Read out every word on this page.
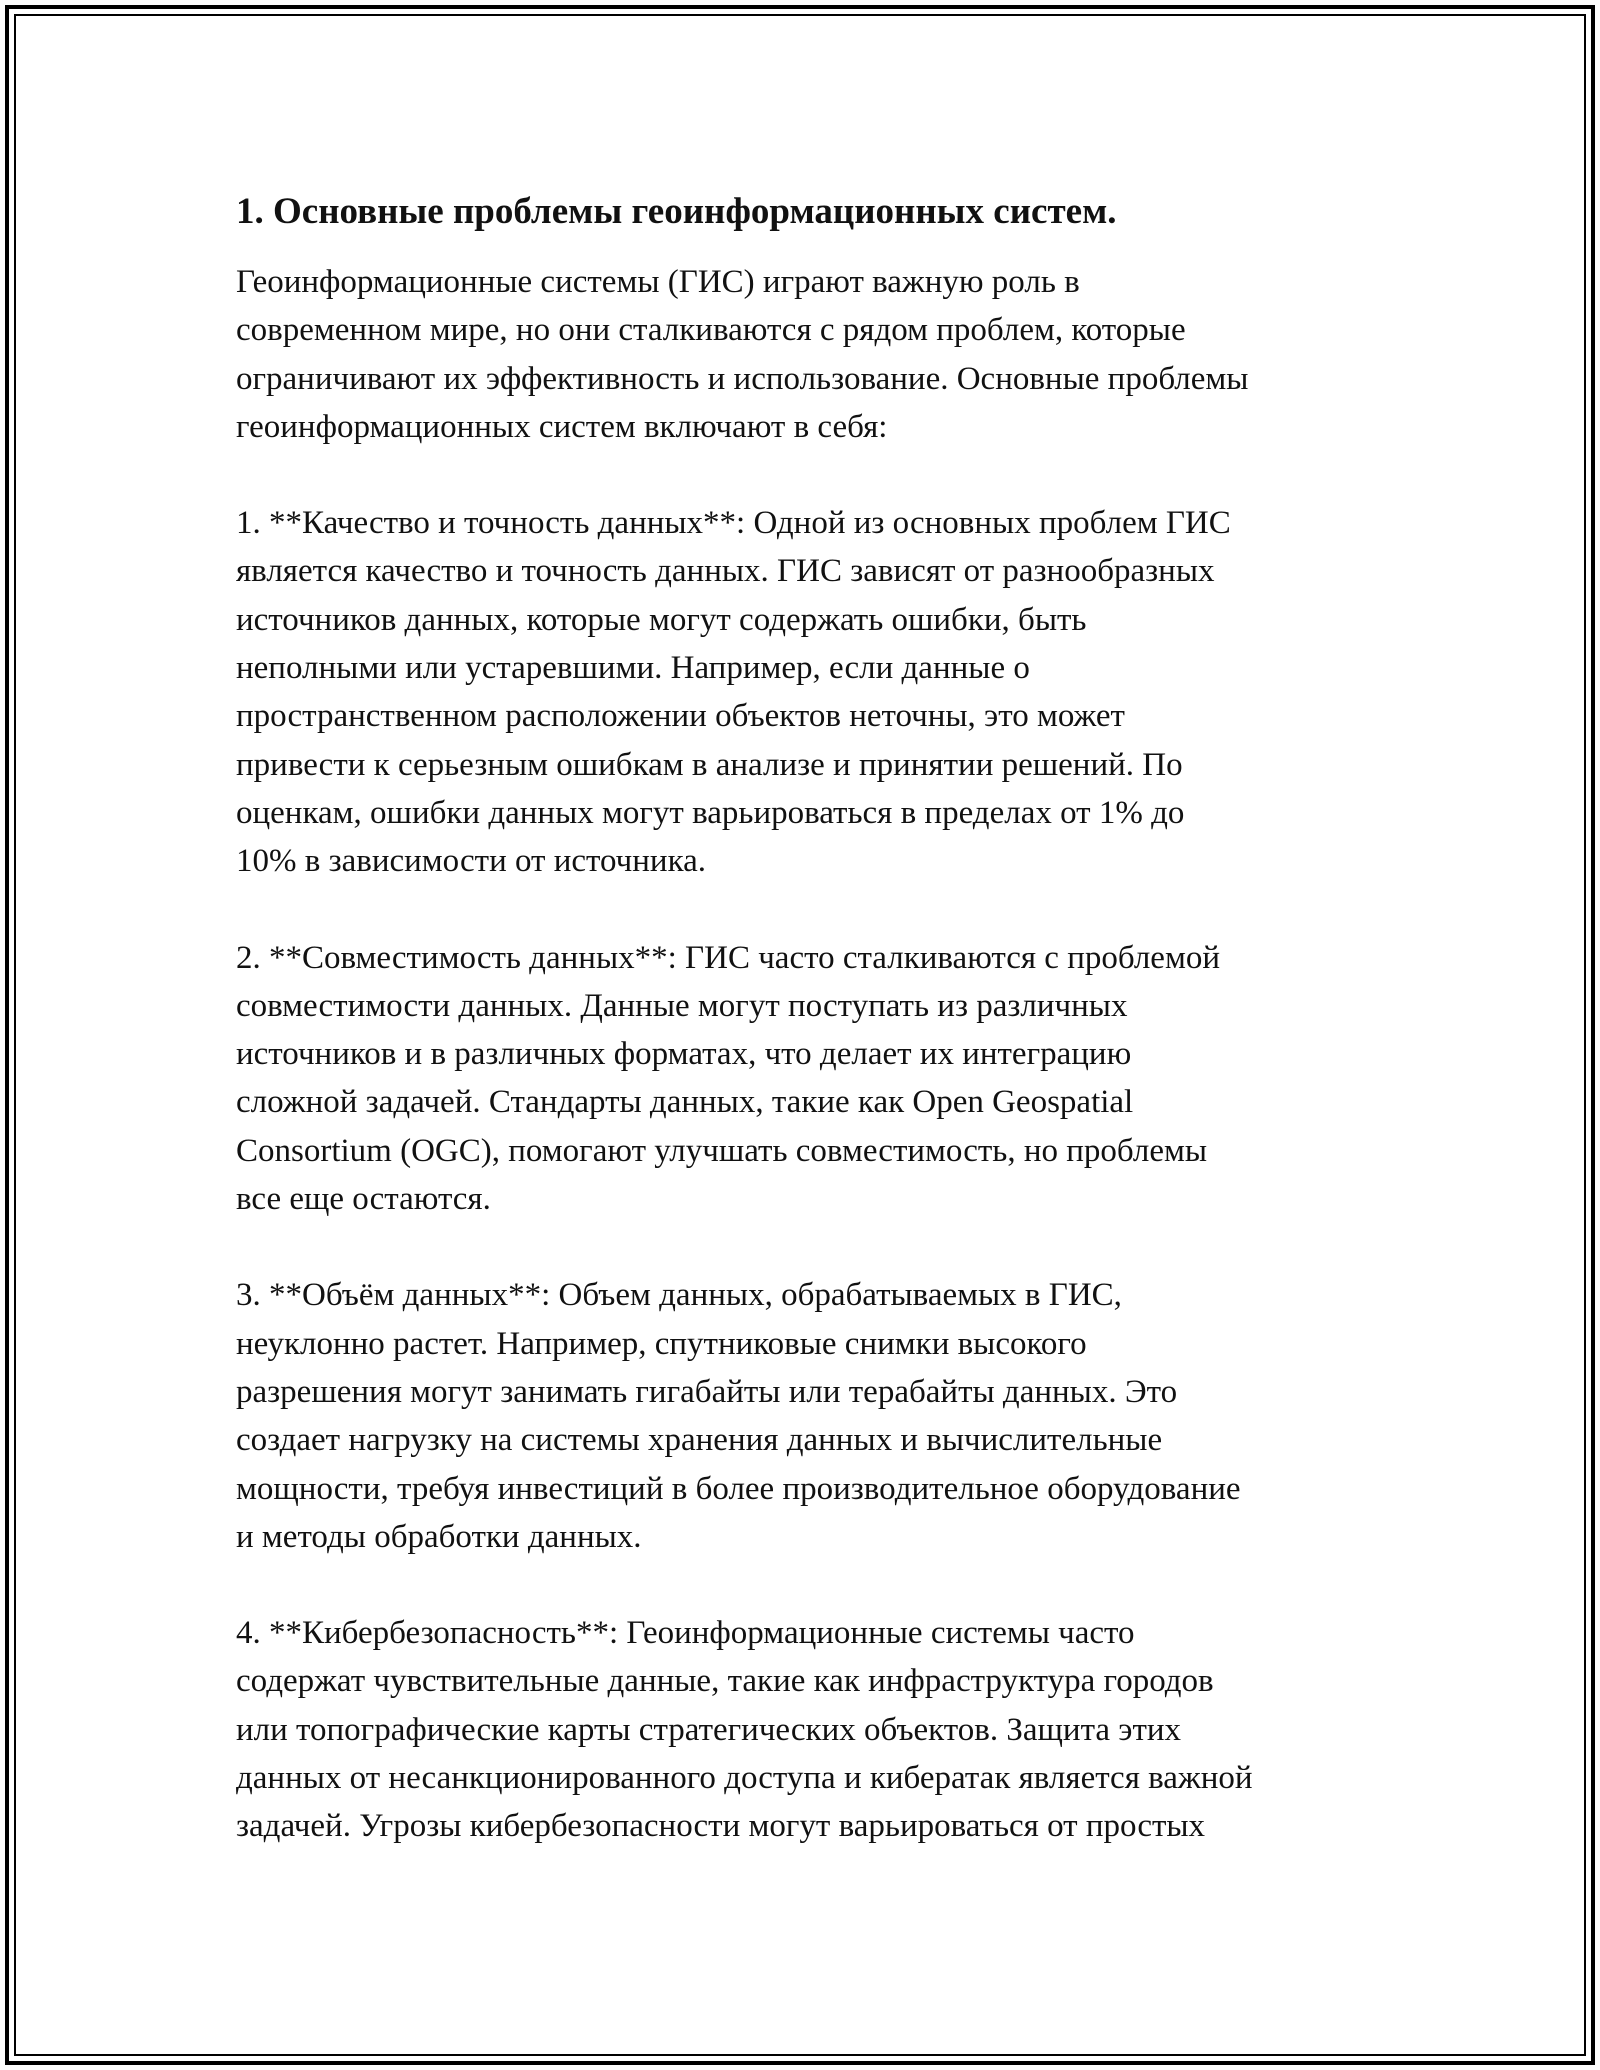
1. Основные проблемы геоинформационных систем.
Геоинформационные системы (ГИС) играют важную роль в
современном мире, но они сталкиваются с рядом проблем, которые
ограничивают их эффективность и использование. Основные проблемы
геоинформационных систем включают в себя:
1. **Качество и точность данных**: Одной из основных проблем ГИС
является качество и точность данных. ГИС зависят от разнообразных
источников данных, которые могут содержать ошибки, быть
неполными или устаревшими. Например, если данные о
пространственном расположении объектов неточны, это может
привести к серьезным ошибкам в анализе и принятии решений. По
оценкам, ошибки данных могут варьироваться в пределах от 1% до
10% в зависимости от источника.
2. **Совместимость данных**: ГИС часто сталкиваются с проблемой
совместимости данных. Данные могут поступать из различных
источников и в различных форматах, что делает их интеграцию
сложной задачей. Стандарты данных, такие как Open Geospatial
Consortium (OGC), помогают улучшать совместимость, но проблемы
все еще остаются.
3. **Объём данных**: Объем данных, обрабатываемых в ГИС,
неуклонно растет. Например, спутниковые снимки высокого
разрешения могут занимать гигабайты или терабайты данных. Это
создает нагрузку на системы хранения данных и вычислительные
мощности, требуя инвестиций в более производительное оборудование
и методы обработки данных.
4. **Кибербезопасность**: Геоинформационные системы часто
содержат чувствительные данные, такие как инфраструктура городов
или топографические карты стратегических объектов. Защита этих
данных от несанкционированного доступа и кибератак является важной
задачей. Угрозы кибербезопасности могут варьироваться от простых
